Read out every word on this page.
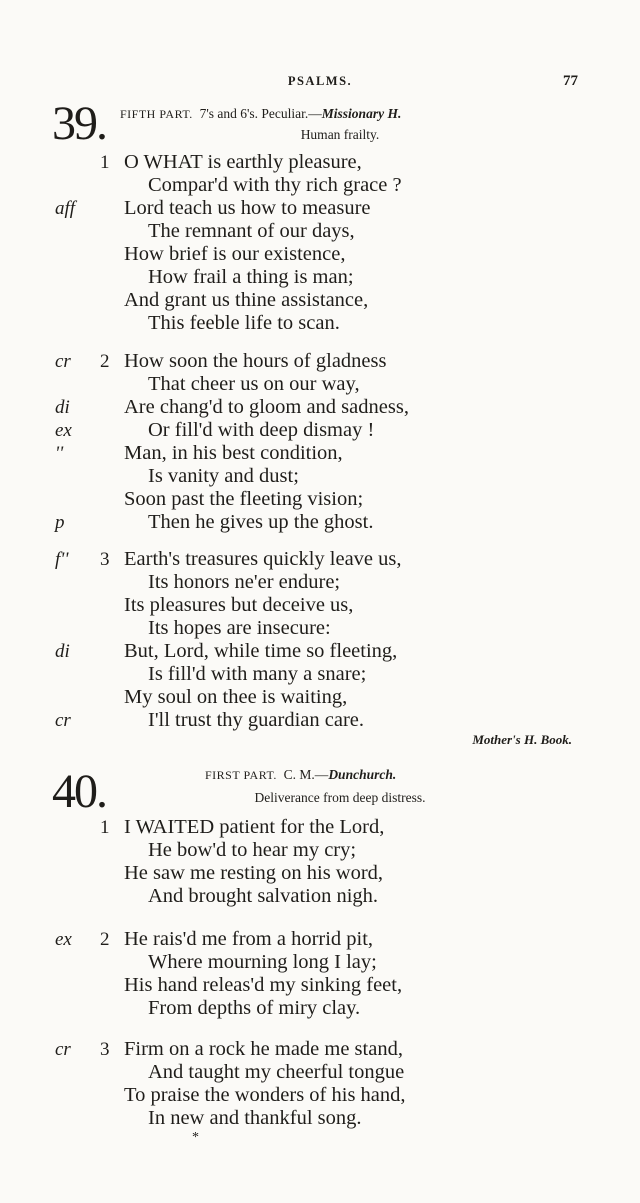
PSALMS.	77
39. FIFTH PART. 7's and 6's. Peculiar.—Missionary H.
Human frailty.
1 O WHAT is earthly pleasure,
Compar'd with thy rich grace ?
aff Lord teach us how to measure
The remnant of our days,
How brief is our existence,
How frail a thing is man;
And grant us thine assistance,
This feeble life to scan.
2
cr	How soon the hours of gladness
That cheer us on our way,
di	Are chang'd to gloom and sadness,
ex	Or fill'd with deep dismay !
''	Man, in his best condition,
Is vanity and dust;
Soon past the fleeting vision;
p	Then he gives up the ghost.
3
f''	Earth's treasures quickly leave us,
Its honors ne'er endure;
Its pleasures but deceive us,
Its hopes are insecure:
di	But, Lord, while time so fleeting,
Is fill'd with many a snare;
My soul on thee is waiting,
cr	I'll trust thy guardian care.
Mother's H. Book.
40.	FIRST PART. C. M.—Dunchurch.
Deliverance from deep distress.
1 I WAITED patient for the Lord,
He bow'd to hear my cry;
He saw me resting on his word,
And brought salvation nigh.
2
ex	He rais'd me from a horrid pit,
Where mourning long I lay;
His hand releas'd my sinking feet,
From depths of miry clay.
3
cr	Firm on a rock he made me stand,
And taught my cheerful tongue
To praise the wonders of his hand,
In new and thankful song.
*
